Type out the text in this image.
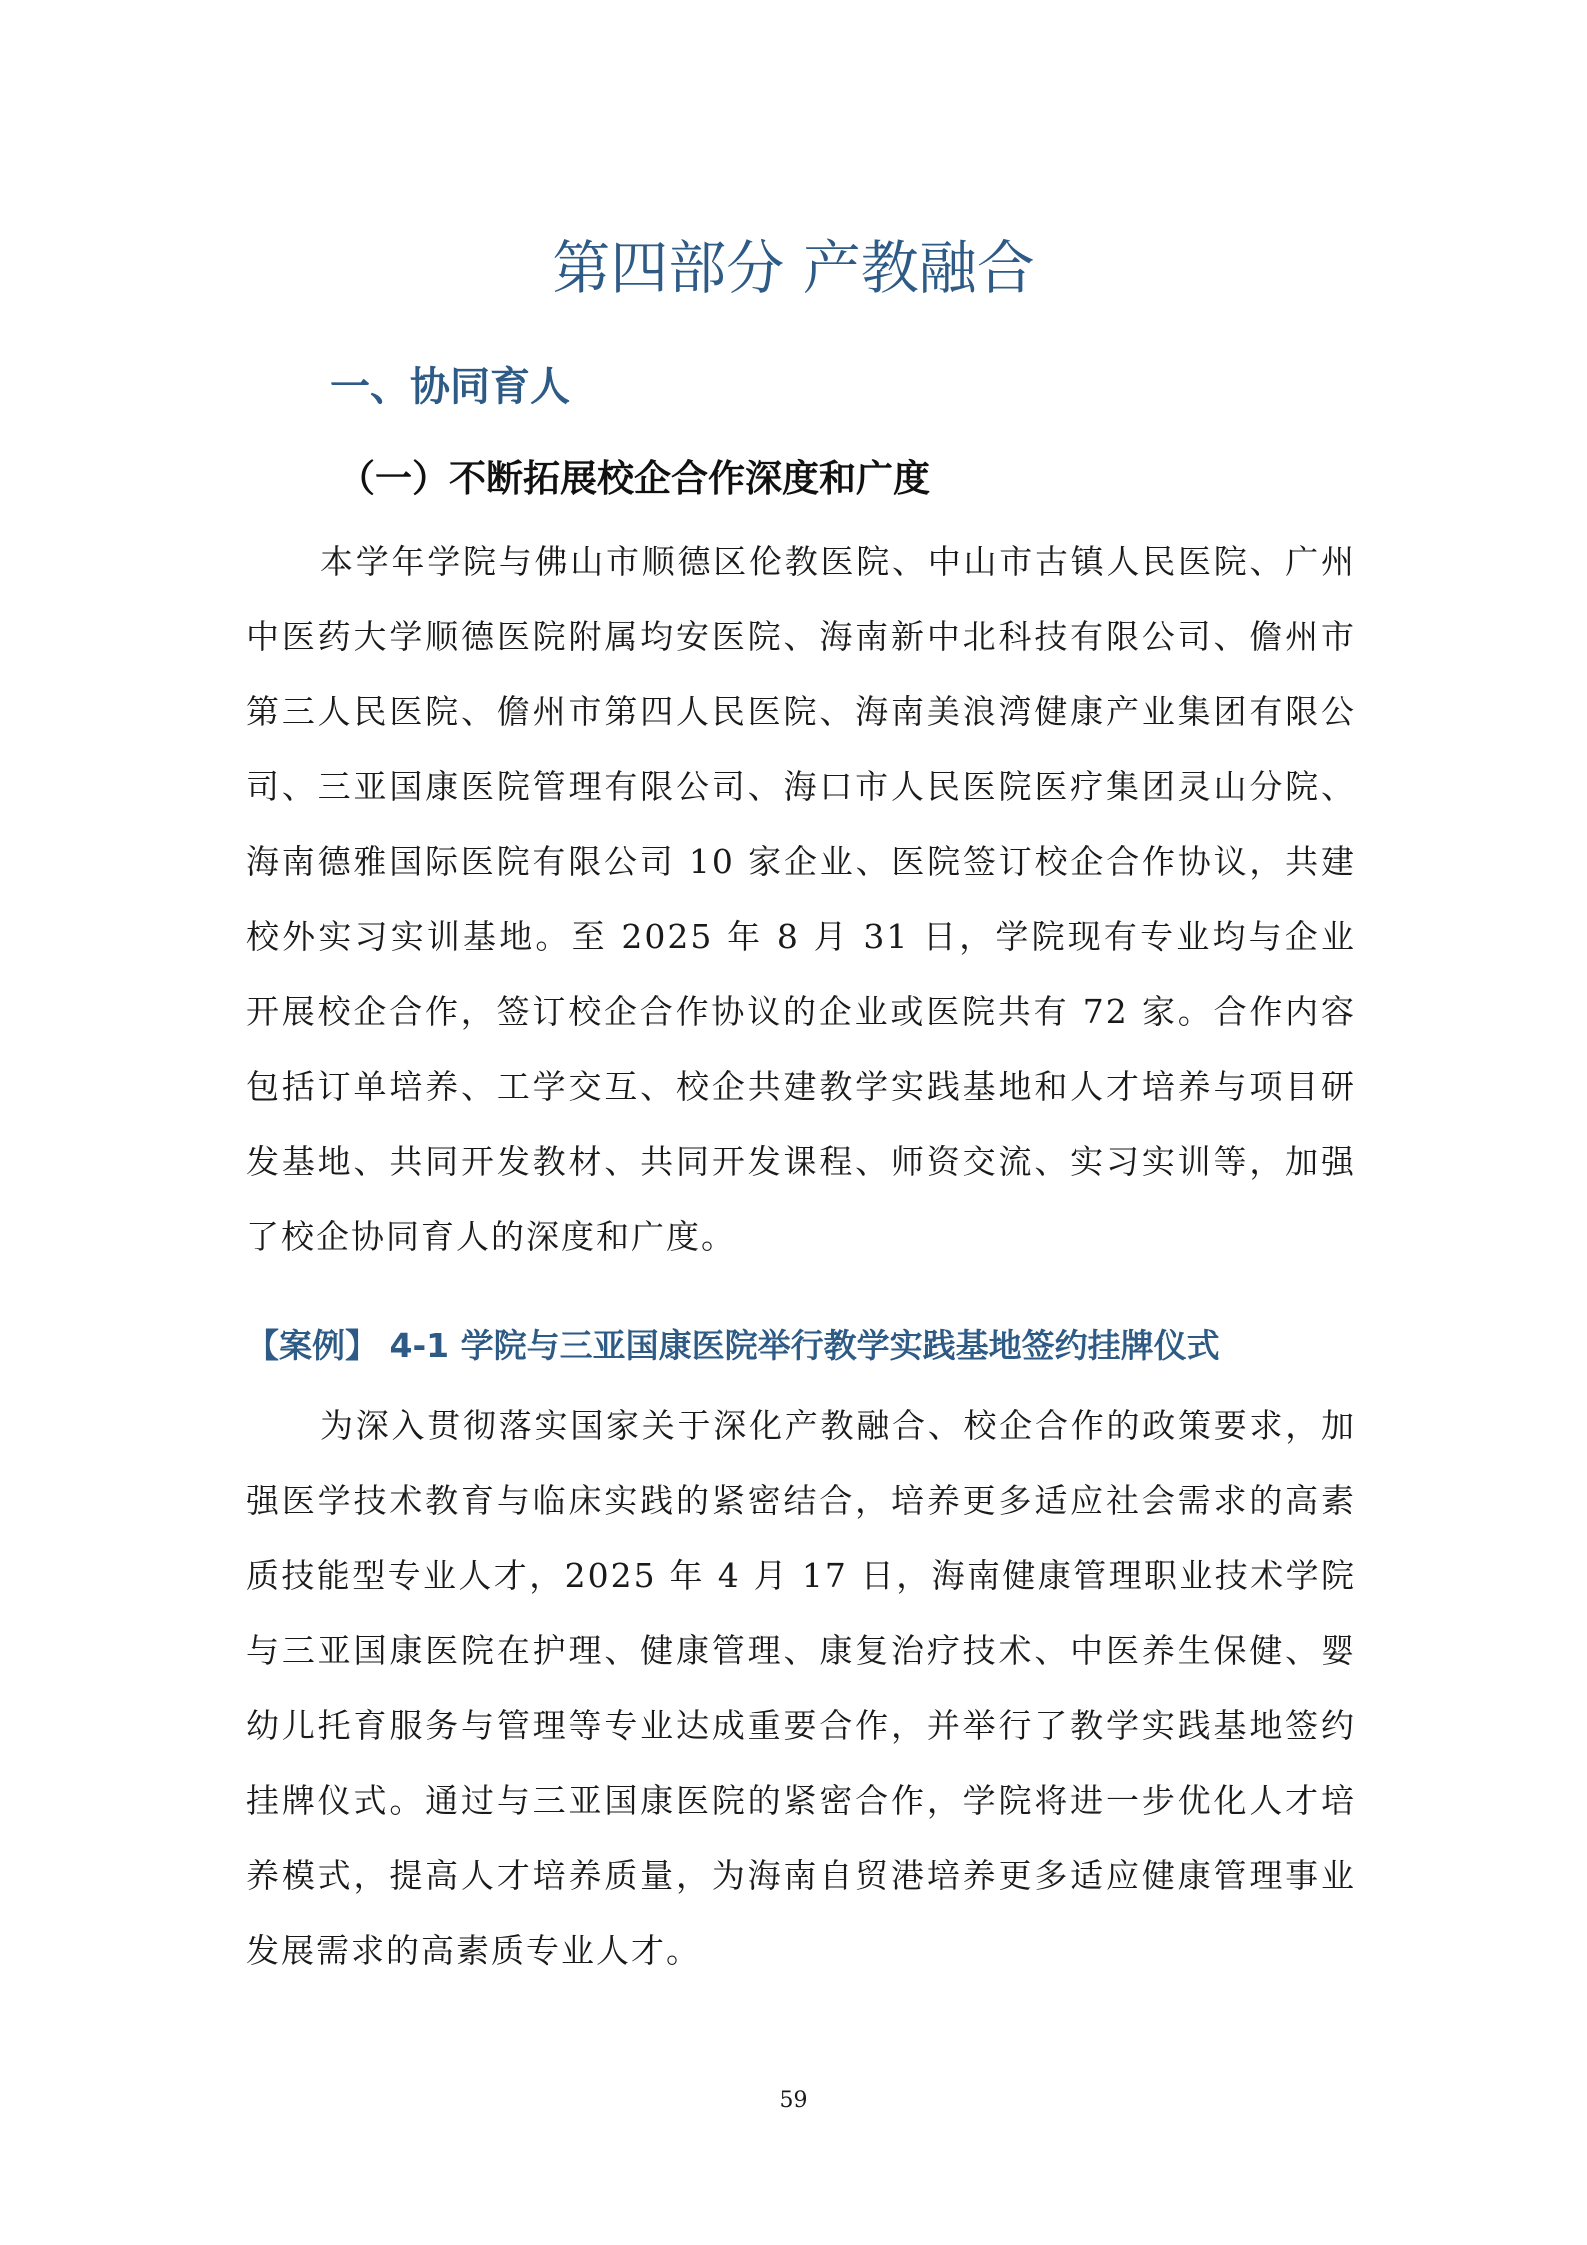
第四部分 产教融合
一、协同育人
（一）不断拓展校企合作深度和广度

本学年学院与佛山市顺德区伦教医院、中山市古镇人民医院、广州中医药大学顺德医院附属均安医院、海南新中北科技有限公司、儋州市第三人民医院、儋州市第四人民医院、海南美浪湾健康产业集团有限公司、三亚国康医院管理有限公司、海口市人民医院医疗集团灵山分院、海南德雅国际医院有限公司 10 家企业、医院签订校企合作协议，共建校外实习实训基地。至 2025 年 8 月 31 日，学院现有专业均与企业开展校企合作，签订校企合作协议的企业或医院共有 72 家。合作内容包括订单培养、工学交互、校企共建教学实践基地和人才培养与项目研发基地、共同开发教材、共同开发课程、师资交流、实习实训等，加强了校企协同育人的深度和广度。

【案例】 4-1 学院与三亚国康医院举行教学实践基地签约挂牌仪式

为深入贯彻落实国家关于深化产教融合、校企合作的政策要求，加强医学技术教育与临床实践的紧密结合，培养更多适应社会需求的高素质技能型专业人才，2025 年 4 月 17 日，海南健康管理职业技术学院与三亚国康医院在护理、健康管理、康复治疗技术、中医养生保健、婴幼儿托育服务与管理等专业达成重要合作，并举行了教学实践基地签约挂牌仪式。通过与三亚国康医院的紧密合作，学院将进一步优化人才培养模式，提高人才培养质量，为海南自贸港培养更多适应健康管理事业发展需求的高素质专业人才。

59
